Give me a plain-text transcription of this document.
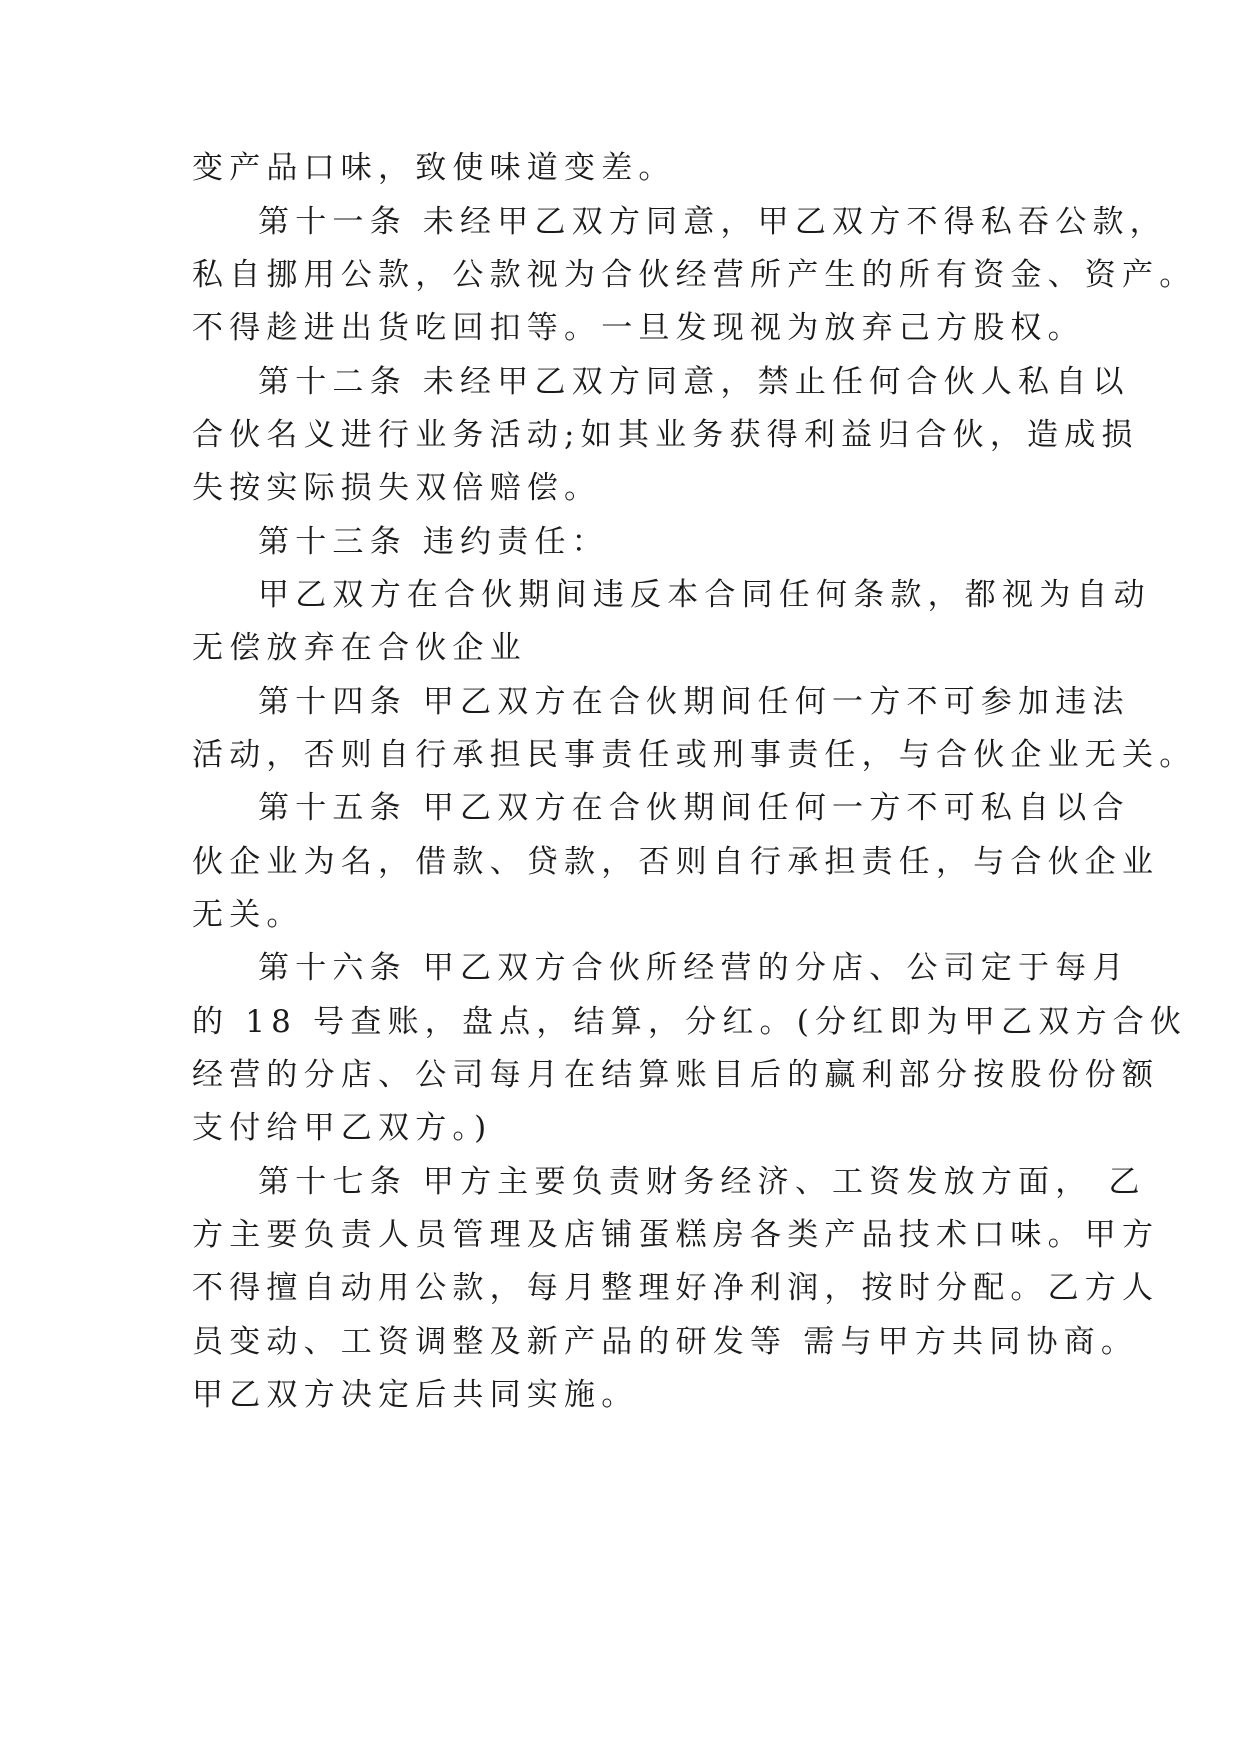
变产品口味，致使味道变差。
第十一条 未经甲乙双方同意，甲乙双方不得私吞公款，
私自挪用公款，公款视为合伙经营所产生的所有资金、资产。
不得趁进出货吃回扣等。一旦发现视为放弃己方股权。
第十二条 未经甲乙双方同意，禁止任何合伙人私自以
合伙名义进行业务活动;如其业务获得利益归合伙，造成损
失按实际损失双倍赔偿。
第十三条 违约责任：
甲乙双方在合伙期间违反本合同任何条款，都视为自动
无偿放弃在合伙企业
第十四条 甲乙双方在合伙期间任何一方不可参加违法
活动，否则自行承担民事责任或刑事责任，与合伙企业无关。
第十五条 甲乙双方在合伙期间任何一方不可私自以合
伙企业为名，借款、贷款，否则自行承担责任，与合伙企业
无关。
第十六条 甲乙双方合伙所经营的分店、公司定于每月
的 18 号查账，盘点，结算，分红。(分红即为甲乙双方合伙
经营的分店、公司每月在结算账目后的赢利部分按股份份额
支付给甲乙双方。)
第十七条 甲方主要负责财务经济、工资发放方面， 乙
方主要负责人员管理及店铺蛋糕房各类产品技术口味。甲方
不得擅自动用公款，每月整理好净利润，按时分配。乙方人
员变动、工资调整及新产品的研发等 需与甲方共同协商。
甲乙双方决定后共同实施。
